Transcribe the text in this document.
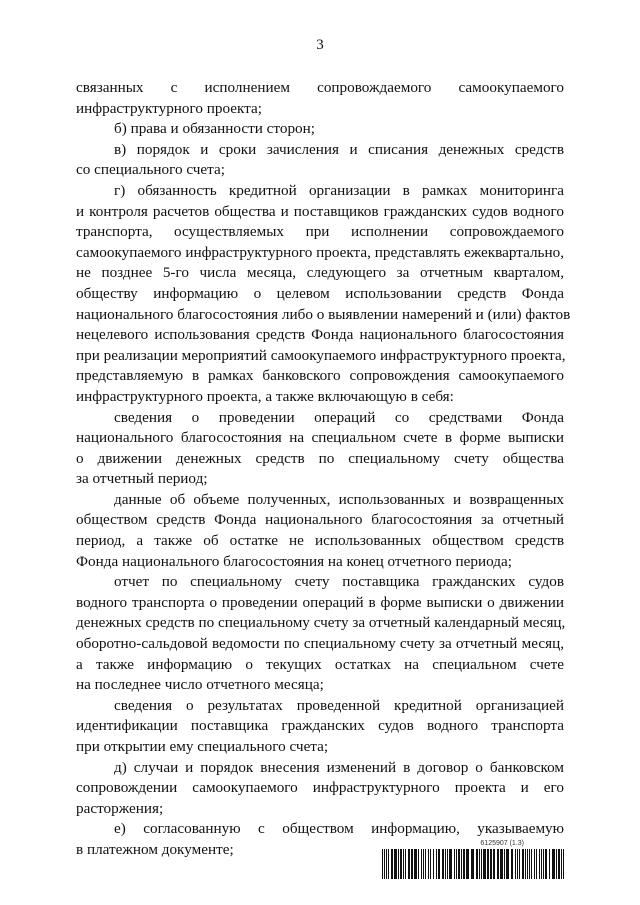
3
связанных с исполнением сопровождаемого самоокупаемого
инфраструктурного проекта;
б) права и обязанности сторон;
в) порядок и сроки зачисления и списания денежных средств
со специального счета;
г) обязанность кредитной организации в рамках мониторинга
и контроля расчетов общества и поставщиков гражданских судов водного
транспорта, осуществляемых при исполнении сопровождаемого
самоокупаемого инфраструктурного проекта, представлять ежеквартально,
не позднее 5-го числа месяца, следующего за отчетным кварталом,
обществу информацию о целевом использовании средств Фонда
национального благосостояния либо о выявлении намерений и (или) фактов
нецелевого использования средств Фонда национального благосостояния
при реализации мероприятий самоокупаемого инфраструктурного проекта,
представляемую в рамках банковского сопровождения самоокупаемого
инфраструктурного проекта, а также включающую в себя:
сведения о проведении операций со средствами Фонда
национального благосостояния на специальном счете в форме выписки
о движении денежных средств по специальному счету общества
за отчетный период;
данные об объеме полученных, использованных и возвращенных
обществом средств Фонда национального благосостояния за отчетный
период, а также об остатке не использованных обществом средств
Фонда национального благосостояния на конец отчетного периода;
отчет по специальному счету поставщика гражданских судов
водного транспорта о проведении операций в форме выписки о движении
денежных средств по специальному счету за отчетный календарный месяц,
оборотно-сальдовой ведомости по специальному счету за отчетный месяц,
а также информацию о текущих остатках на специальном счете
на последнее число отчетного месяца;
сведения о результатах проведенной кредитной организацией
идентификации поставщика гражданских судов водного транспорта
при открытии ему специального счета;
д) случаи и порядок внесения изменений в договор о банковском
сопровождении самоокупаемого инфраструктурного проекта и его
расторжения;
е) согласованную с обществом информацию, указываемую
в платежном документе;	6125907 (1.3)
